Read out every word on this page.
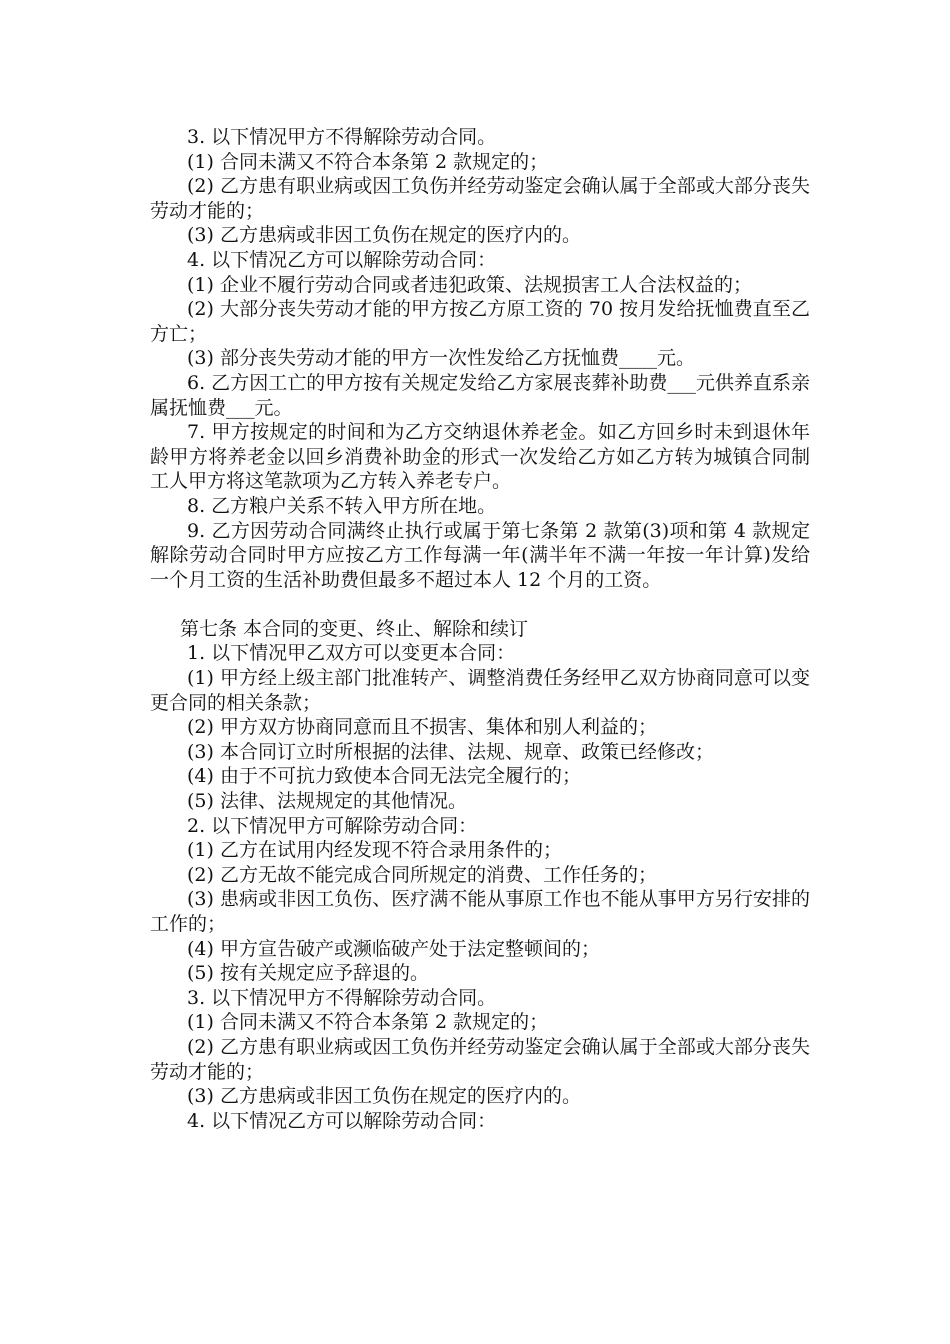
3. 以下情况甲方不得解除劳动合同。

(1) 合同未满又不符合本条第 2 款规定的；

(2) 乙方患有职业病或因工负伤并经劳动鉴定会确认属于全部或大部分丧失劳动才能的；

(3) 乙方患病或非因工负伤在规定的医疗内的。

4. 以下情况乙方可以解除劳动合同：

(1) 企业不履行劳动合同或者违犯政策、法规损害工人合法权益的；

(2) 大部分丧失劳动才能的甲方按乙方原工资的 70 按月发给抚恤费直至乙方亡；

(3) 部分丧失劳动才能的甲方一次性发给乙方抚恤费____元。

6. 乙方因工亡的甲方按有关规定发给乙方家展丧葬补助费___元供养直系亲属抚恤费___元。

7. 甲方按规定的时间和为乙方交纳退休养老金。如乙方回乡时未到退休年龄甲方将养老金以回乡消费补助金的形式一次发给乙方如乙方转为城镇合同制工人甲方将这笔款项为乙方转入养老专户。

8. 乙方粮户关系不转入甲方所在地。

9. 乙方因劳动合同满终止执行或属于第七条第 2 款第(3)项和第 4 款规定解除劳动合同时甲方应按乙方工作每满一年(满半年不满一年按一年计算)发给一个月工资的生活补助费但最多不超过本人 12 个月的工资。

第七条 本合同的变更、终止、解除和续订

1. 以下情况甲乙双方可以变更本合同：

(1) 甲方经上级主部门批准转产、调整消费任务经甲乙双方协商同意可以变更合同的相关条款；

(2) 甲方双方协商同意而且不损害、集体和别人利益的；

(3) 本合同订立时所根据的法律、法规、规章、政策已经修改；

(4) 由于不可抗力致使本合同无法完全履行的；

(5) 法律、法规规定的其他情况。

2. 以下情况甲方可解除劳动合同：

(1) 乙方在试用内经发现不符合录用条件的；

(2) 乙方无故不能完成合同所规定的消费、工作任务的；

(3) 患病或非因工负伤、医疗满不能从事原工作也不能从事甲方另行安排的工作的；

(4) 甲方宣告破产或濒临破产处于法定整顿间的；

(5) 按有关规定应予辞退的。

3. 以下情况甲方不得解除劳动合同。

(1) 合同未满又不符合本条第 2 款规定的；

(2) 乙方患有职业病或因工负伤并经劳动鉴定会确认属于全部或大部分丧失劳动才能的；

(3) 乙方患病或非因工负伤在规定的医疗内的。

4. 以下情况乙方可以解除劳动合同：
